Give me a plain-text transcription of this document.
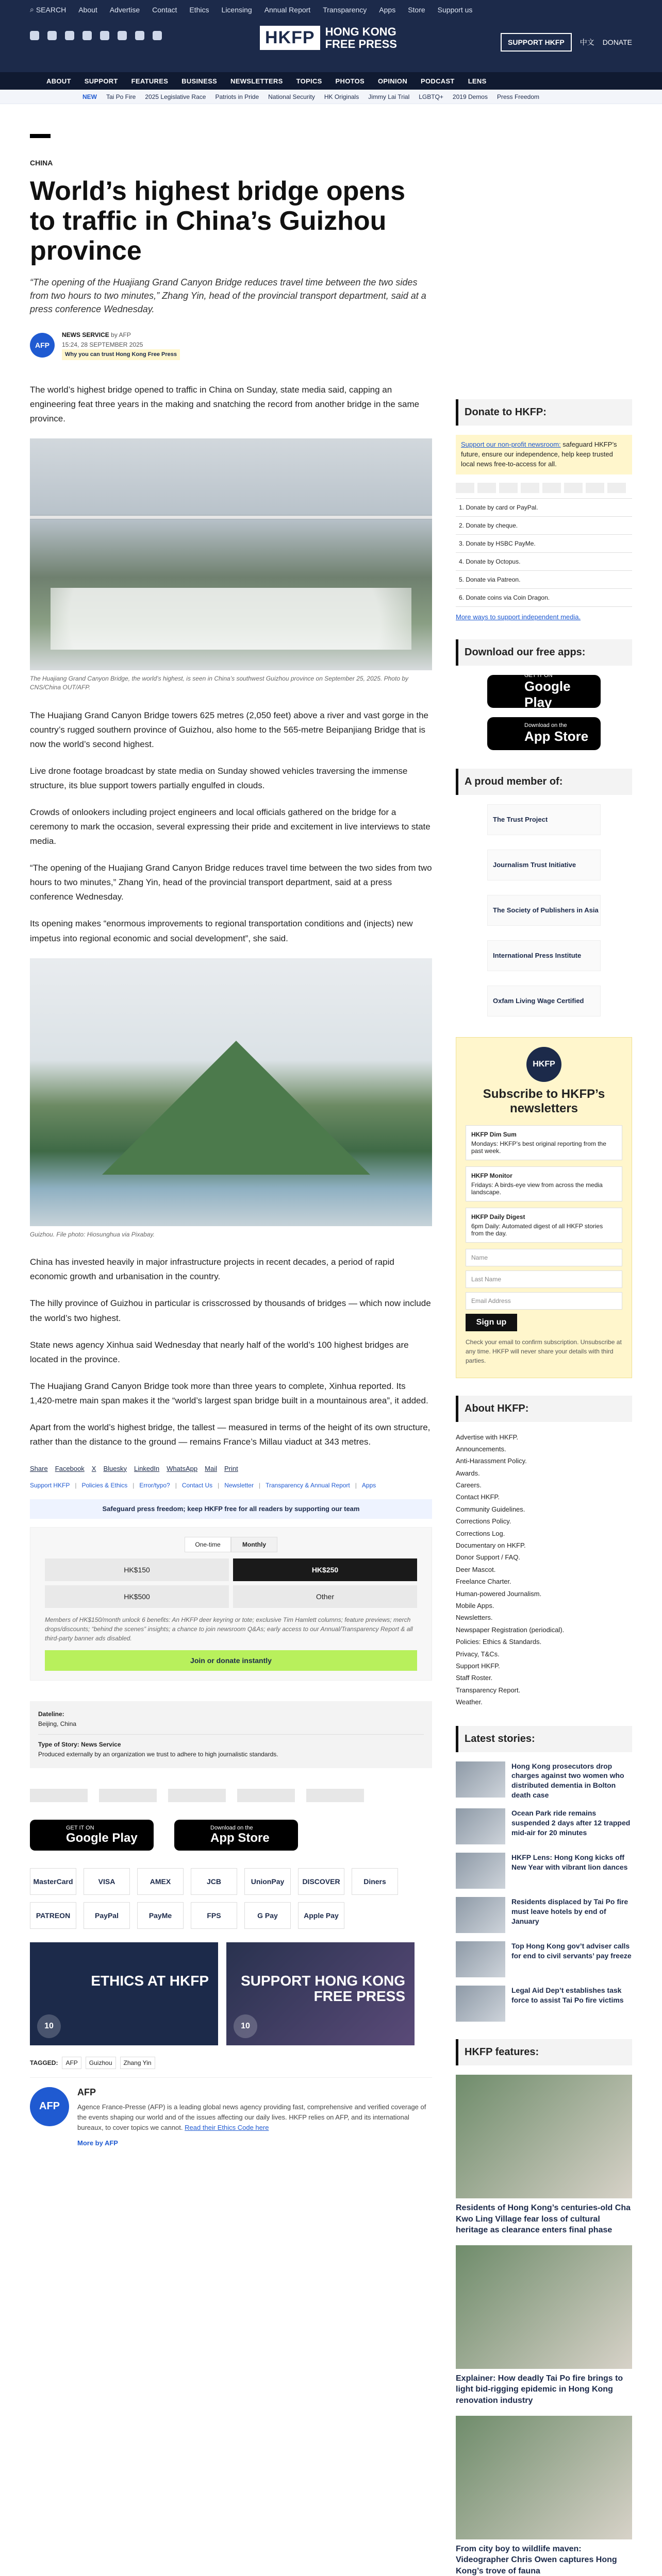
⌕ SEARCH About Advertise Contact Ethics Licensing Annual Report Transparency Apps Store Support us
HKFP HONG KONG
FREE PRESS	SUPPORT HKFP	中文 DONATE
ABOUT SUPPORT FEATURES BUSINESS NEWSLETTERS TOPICS PHOTOS OPINION PODCAST LENS
NEW Tai Po Fire 2025 Legislative Race Patriots in Pride National Security HK Originals Jimmy Lai Trial LGBTQ+ 2019 Demos Press Freedom
CHINA
World’s highest bridge opens to traffic in China’s Guizhou province
“The opening of the Huajiang Grand Canyon Bridge reduces travel time between the two sides from two hours to two minutes,” Zhang Yin, head of the provincial transport department, said at a press conference Wednesday.
AFP
NEWS SERVICE by AFP
15:24, 28 SEPTEMBER 2025
Why you can trust Hong Kong Free Press

The world’s highest bridge opened to traffic in China on Sunday, state media said, capping an engineering feat three years in the making and snatching the record from another bridge in the same province.

The Huajiang Grand Canyon Bridge, the world’s highest, is seen in China’s southwest Guizhou province on September 25, 2025. Photo by CNS/China OUT/AFP.

The Huajiang Grand Canyon Bridge towers 625 metres (2,050 feet) above a river and vast gorge in the country’s rugged southern province of Guizhou, also home to the 565-metre Beipanjiang Bridge that is now the world’s second highest.

Live drone footage broadcast by state media on Sunday showed vehicles traversing the immense structure, its blue support towers partially engulfed in clouds.

Crowds of onlookers including project engineers and local officials gathered on the bridge for a ceremony to mark the occasion, several expressing their pride and excitement in live interviews to state media.

“The opening of the Huajiang Grand Canyon Bridge reduces travel time between the two sides from two hours to two minutes,” Zhang Yin, head of the provincial transport department, said at a press conference Wednesday.

Its opening makes “enormous improvements to regional transportation conditions and (injects) new impetus into regional economic and social development”, she said.

Guizhou. File photo: Hiosunghua via Pixabay.

China has invested heavily in major infrastructure projects in recent decades, a period of rapid economic growth and urbanisation in the country.

The hilly province of Guizhou in particular is crisscrossed by thousands of bridges — which now include the world’s two highest.

State news agency Xinhua said Wednesday that nearly half of the world’s 100 highest bridges are located in the province.

The Huajiang Grand Canyon Bridge took more than three years to complete, Xinhua reported. Its 1,420-metre main span makes it the “world’s largest span bridge built in a mountainous area”, it added.

Apart from the world’s highest bridge, the tallest — measured in terms of the height of its own structure, rather than the distance to the ground — remains France’s Millau viaduct at 343 metres.

Share Facebook X Bluesky LinkedIn WhatsApp Mail Print
Support HKFP | Policies & Ethics | Error/typo? | Contact Us | Newsletter | Transparency & Annual Report | Apps
Safeguard press freedom; keep HKFP free for all readers by supporting our team
One-time	Monthly
HK$150	HK$250
HK$500	Other
Members of HK$150/month unlock 6 benefits: An HKFP deer keyring or tote; exclusive Tim Hamlett columns; feature previews; merch drops/discounts; “behind the scenes” insights; a chance to join newsroom Q&As; early access to our Annual/Transparency Report & all third-party banner ads disabled.
Join or donate instantly
Dateline:
Beijing, China
Type of Story: News Service
Produced externally by an organization we trust to adhere to high journalistic standards.
GET IT ON
Google Play
Download on the
App Store
MasterCard	VISA	AMEX	JCB	UnionPay	DISCOVER	Diners
PATREON	PayPal	PayMe	FPS	G Pay	Apple Pay
ETHICS AT HKFP
10
SUPPORT HONG KONG FREE PRESS
10
TAGGED:	AFP	Guizhou	Zhang Yin
AFP
AFP

Agence France-Presse (AFP) is a leading global news agency providing fast, comprehensive and verified coverage of the events shaping our world and of the issues affecting our daily lives. HKFP relies on AFP, and its international bureaux, to cover topics we cannot. Read their Ethics Code here

More by AFP

Donate to HKFP:
Support our non-profit newsroom: safeguard HKFP’s future, ensure our independence, help keep trusted local news free-to-access for all.
1. Donate by card or PayPal.
2. Donate by cheque.
3. Donate by HSBC PayMe.
4. Donate by Octopus.
5. Donate via Patreon.
6. Donate coins via Coin Dragon.
More ways to support independent media.
Download our free apps:
GET IT ON
Google Play
Download on the
App Store
A proud member of:
The Trust Project
Journalism Trust Initiative
The Society of Publishers in Asia
International Press Institute
Oxfam Living Wage Certified
HKFP
Subscribe to HKFP’s newsletters
HKFP Dim Sum
Mondays: HKFP’s best original reporting from the past week.
HKFP Monitor
Fridays: A birds-eye view from across the media landscape.
HKFP Daily Digest
6pm Daily: Automated digest of all HKFP stories from the day.
Name
Last Name
Email Address
Sign up
Check your email to confirm subscription. Unsubscribe at any time. HKFP will never share your details with third parties.
About HKFP:
Advertise with HKFP.
Announcements.
Anti-Harassment Policy.
Awards.
Careers.
Contact HKFP.
Community Guidelines.
Corrections Policy.
Corrections Log.
Documentary on HKFP.
Donor Support / FAQ.
Deer Mascot.
Freelance Charter.
Human-powered Journalism.
Mobile Apps.
Newsletters.
Newspaper Registration (periodical).
Policies: Ethics & Standards.
Privacy, T&Cs.
Support HKFP.
Staff Roster.
Transparency Report.
Weather.
Latest stories:
Hong Kong prosecutors drop charges against two women who distributed dementia in Bolton death case
Ocean Park ride remains suspended 2 days after 12 trapped mid-air for 20 minutes
HKFP Lens: Hong Kong kicks off New Year with vibrant lion dances
Residents displaced by Tai Po fire must leave hotels by end of January
Top Hong Kong gov’t adviser calls for end to civil servants’ pay freeze
Legal Aid Dep’t establishes task force to assist Tai Po fire victims
HKFP features:
Residents of Hong Kong’s centuries-old Cha Kwo Ling Village fear loss of cultural heritage as clearance enters final phase
Explainer: How deadly Tai Po fire brings to light bid-rigging epidemic in Hong Kong renovation industry
From city boy to wildlife maven: Videographer Chris Owen captures Hong Kong’s trove of fauna
